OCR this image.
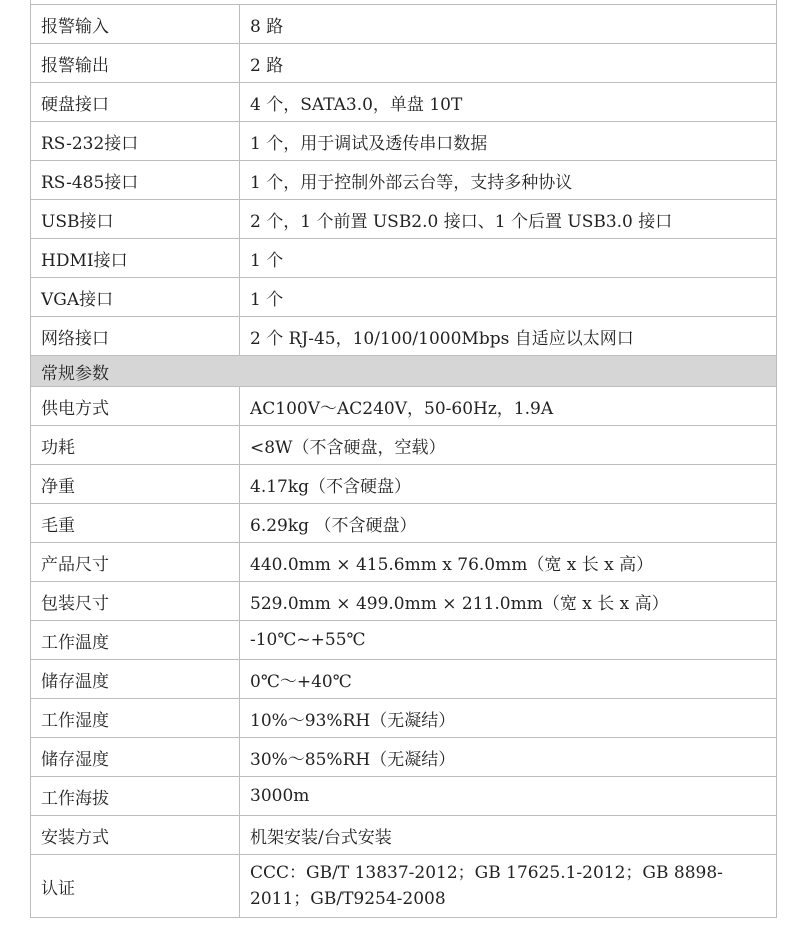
报警输入	8 路
报警输出	2 路
硬盘接口	4 个，SATA3.0，单盘 10T
RS-232接口	1 个，用于调试及透传串口数据
RS-485接口	1 个，用于控制外部云台等，支持多种协议
USB接口	2 个，1 个前置 USB2.0 接口、1 个后置 USB3.0 接口
HDMI接口	1 个
VGA接口	1 个
网络接口	2 个 RJ-45，10/100/1000Mbps 自适应以太网口
常规参数	
供电方式	AC100V～AC240V，50-60Hz，1.9A
功耗	<8W（不含硬盘，空载）
净重	4.17kg（不含硬盘）
毛重	6.29kg （不含硬盘）
产品尺寸	440.0mm × 415.6mm x 76.0mm（宽 x 长 x 高）
包装尺寸	529.0mm × 499.0mm × 211.0mm（宽 x 长 x 高）
工作温度	-10℃~+55℃
储存温度	0℃～+40℃
工作湿度	10%～93%RH（无凝结）
储存湿度	30%～85%RH（无凝结）
工作海拔	3000m
安装方式	机架安装/台式安装
认证	CCC：GB/T 13837-2012；GB 17625.1-2012；GB 8898-2011；GB/T9254-2008
